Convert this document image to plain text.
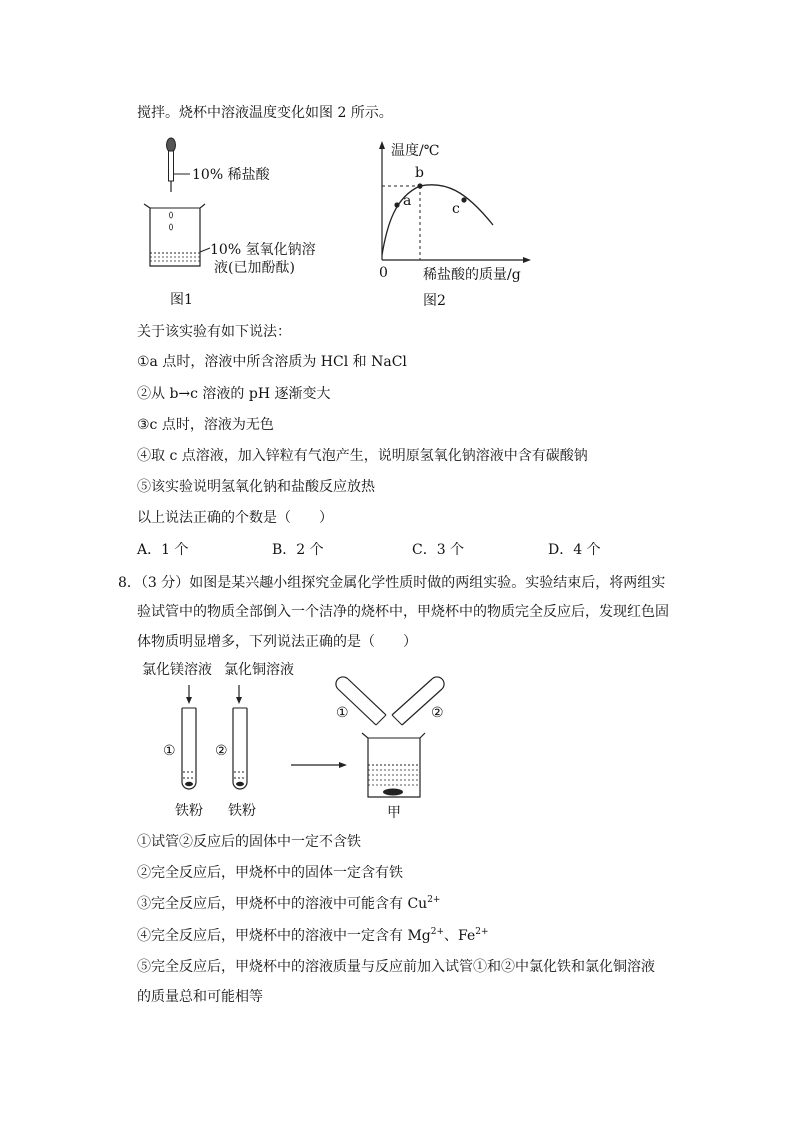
搅拌。烧杯中溶液温度变化如图 2 所示。
10% 稀盐酸
10% 氢氧化钠溶
液(已加酚酞)
图1
温度/℃
0	稀盐酸的质量/g
a
b
c
图2
关于该实验有如下说法：
①a 点时，溶液中所含溶质为 HCl 和 NaCl
②从 b→c 溶液的 pH 逐渐变大
③c 点时，溶液为无色
④取 c 点溶液，加入锌粒有气泡产生，说明原氢氧化钠溶液中含有碳酸钠
⑤该实验说明氢氧化钠和盐酸反应放热
以上说法正确的个数是（　　）
A．1 个	B．2 个	C．3 个	D．4 个
8．（3 分）如图是某兴趣小组探究金属化学性质时做的两组实验。实验结束后，将两组实
验试管中的物质全部倒入一个洁净的烧杯中，甲烧杯中的物质完全反应后，发现红色固
体物质明显增多，下列说法正确的是（　　）
氯化镁溶液 氯化铜溶液
①	②
铁粉 铁粉
①	②
甲
①试管②反应后的固体中一定不含铁
②完全反应后，甲烧杯中的固体一定含有铁
③完全反应后，甲烧杯中的溶液中可能含有 $Cu^{2+}$
④完全反应后，甲烧杯中的溶液中一定含有 $Mg^{2+}$、$Fe^{2+}$
⑤完全反应后，甲烧杯中的溶液质量与反应前加入试管①和②中氯化铁和氯化铜溶液
的质量总和可能相等
